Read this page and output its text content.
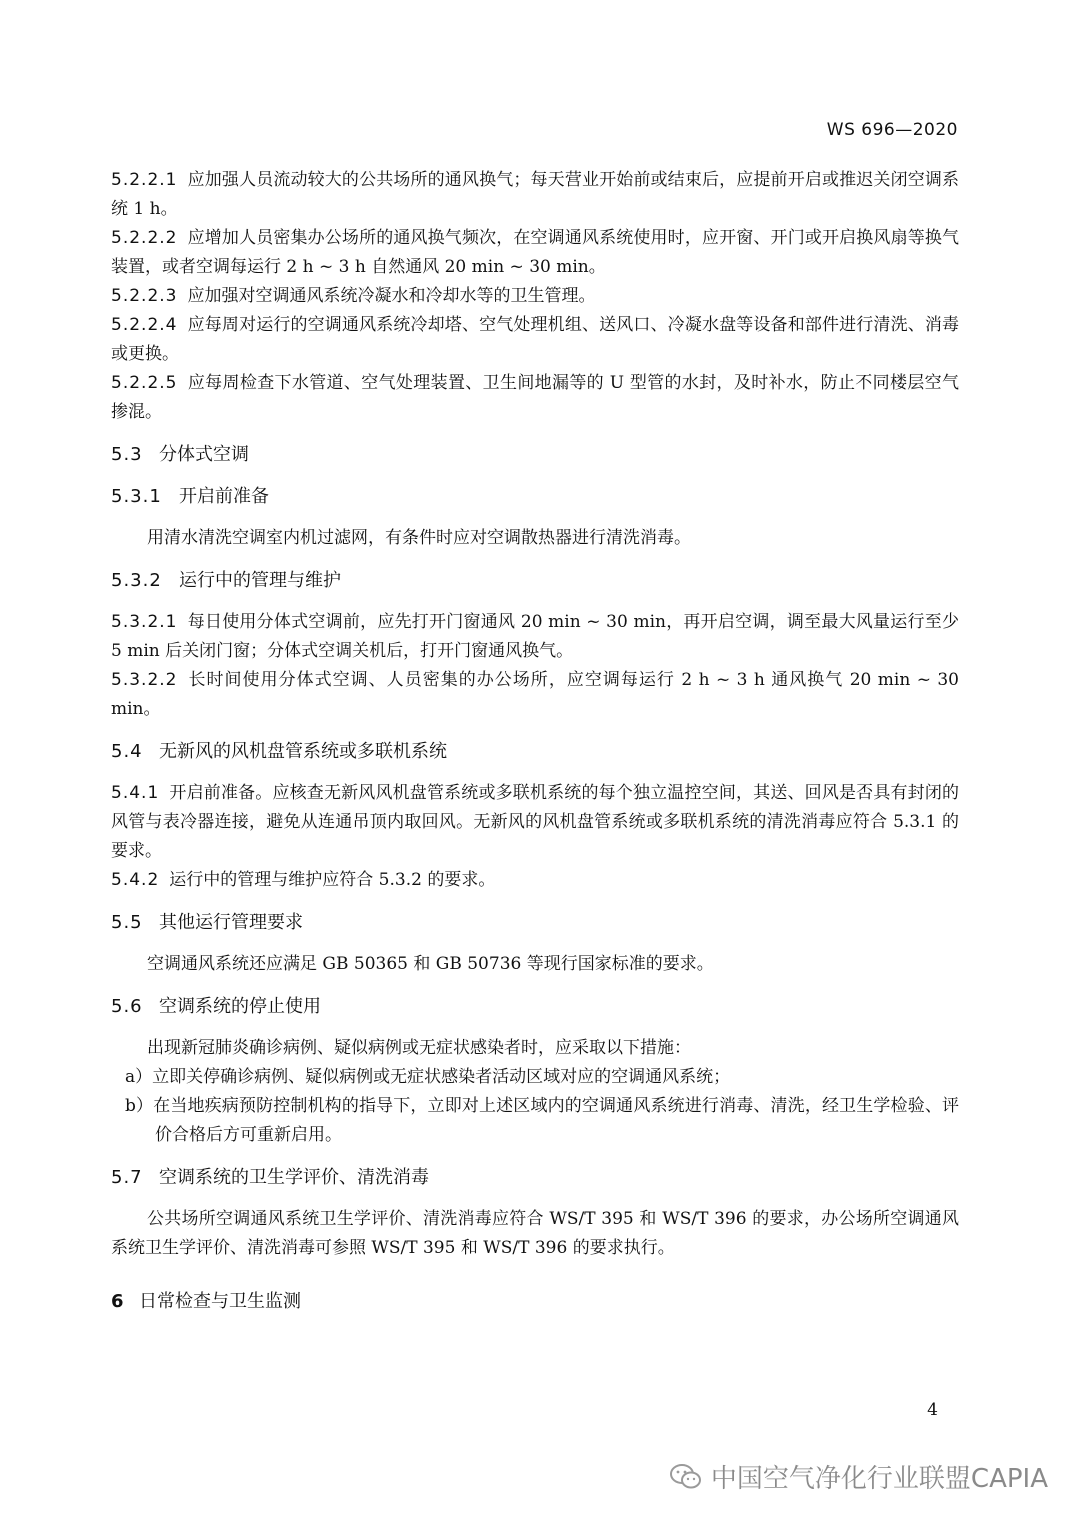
WS 696—2020

5.2.2.1 应加强人员流动较大的公共场所的通风换气；每天营业开始前或结束后，应提前开启或推迟关闭空调系统 1 h。

5.2.2.2 应增加人员密集办公场所的通风换气频次，在空调通风系统使用时，应开窗、开门或开启换风扇等换气装置，或者空调每运行 2 h ~ 3 h 自然通风 20 min ~ 30 min。

5.2.2.3 应加强对空调通风系统冷凝水和冷却水等的卫生管理。

5.2.2.4 应每周对运行的空调通风系统冷却塔、空气处理机组、送风口、冷凝水盘等设备和部件进行清洗、消毒或更换。

5.2.2.5 应每周检查下水管道、空气处理装置、卫生间地漏等的 U 型管的水封，及时补水，防止不同楼层空气掺混。

5.3 分体式空调

5.3.1 开启前准备

用清水清洗空调室内机过滤网，有条件时应对空调散热器进行清洗消毒。

5.3.2 运行中的管理与维护

5.3.2.1 每日使用分体式空调前，应先打开门窗通风 20 min ~ 30 min，再开启空调，调至最大风量运行至少 5 min 后关闭门窗；分体式空调关机后，打开门窗通风换气。

5.3.2.2 长时间使用分体式空调、人员密集的办公场所，应空调每运行 2 h ~ 3 h 通风换气 20 min ~ 30 min。

5.4 无新风的风机盘管系统或多联机系统

5.4.1 开启前准备。应核查无新风风机盘管系统或多联机系统的每个独立温控空间，其送、回风是否具有封闭的风管与表冷器连接，避免从连通吊顶内取回风。无新风的风机盘管系统或多联机系统的清洗消毒应符合 5.3.1 的要求。

5.4.2 运行中的管理与维护应符合 5.3.2 的要求。

5.5 其他运行管理要求

空调通风系统还应满足 GB 50365 和 GB 50736 等现行国家标准的要求。

5.6 空调系统的停止使用

出现新冠肺炎确诊病例、疑似病例或无症状感染者时，应采取以下措施：

a）立即关停确诊病例、疑似病例或无症状感染者活动区域对应的空调通风系统；

b）在当地疾病预防控制机构的指导下，立即对上述区域内的空调通风系统进行消毒、清洗，经卫生学检验、评价合格后方可重新启用。

5.7 空调系统的卫生学评价、清洗消毒

公共场所空调通风系统卫生学评价、清洗消毒应符合 WS/T 395 和 WS/T 396 的要求，办公场所空调通风系统卫生学评价、清洗消毒可参照 WS/T 395 和 WS/T 396 的要求执行。

6 日常检查与卫生监测

4
中国空气净化行业联盟CAPIA
